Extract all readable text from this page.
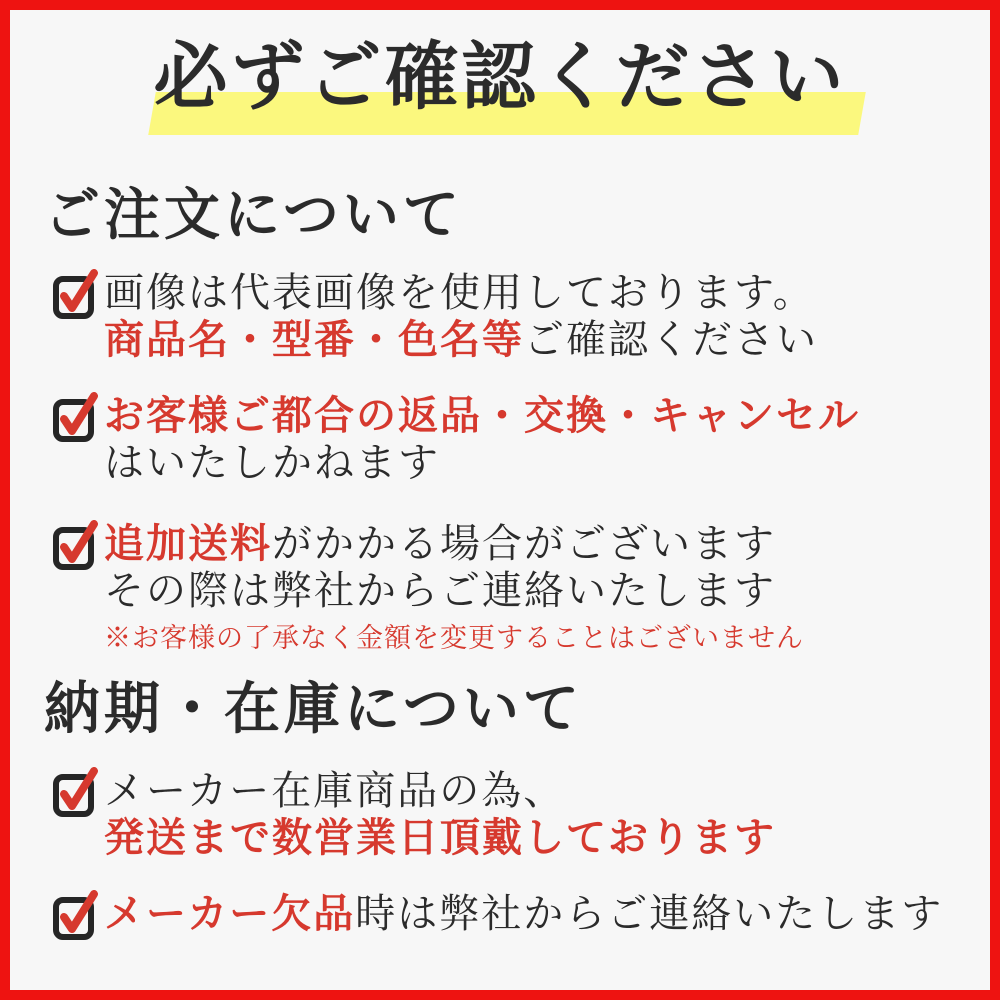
必ずご確認ください
ご注文について

画像は代表画像を使用しております。
商品名・型番・色名等ご確認ください

お客様ご都合の返品・交換・キャンセル
はいたしかねます

追加送料がかかる場合がございます
その際は弊社からご連絡いたします
※お客様の了承なく金額を変更することはございません

納期・在庫について

メーカー在庫商品の為、
発送まで数営業日頂戴しております

メーカー欠品時は弊社からご連絡いたします
